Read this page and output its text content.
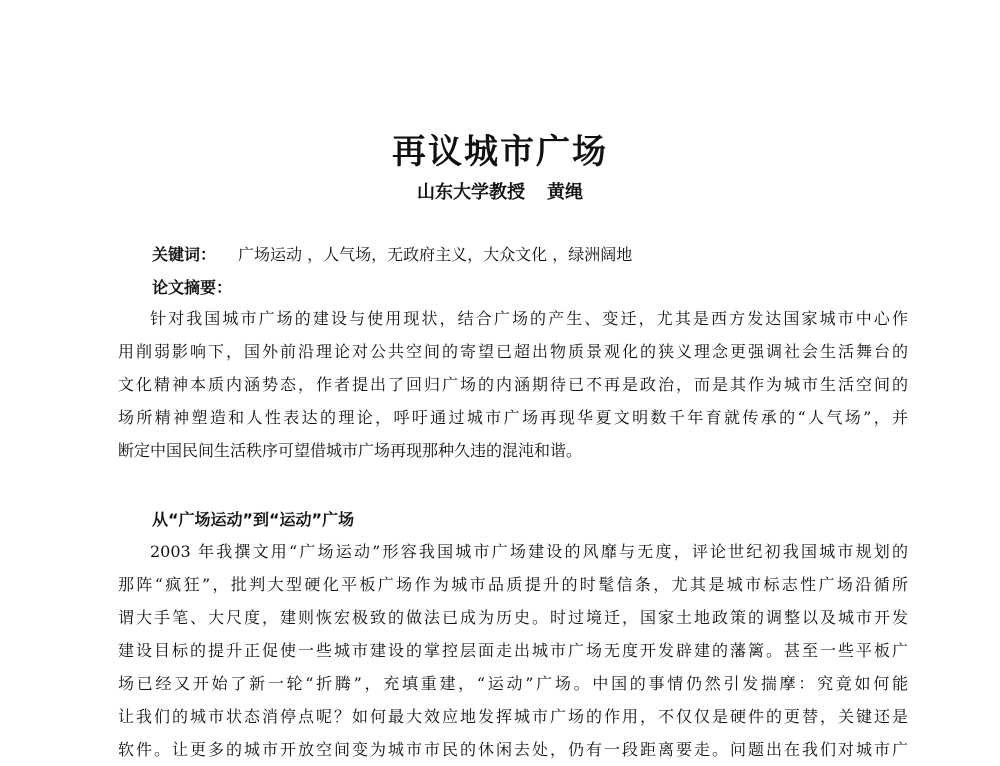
再议城市广场
山东大学教授 黄绳
关键词： 广场运动 ，人气场，无政府主义，大众文化 ，绿洲阔地
论文摘要：
针对我国城市广场的建设与使用现状，结合广场的产生、变迁，尤其是西方发达国家城市中心作
用削弱影响下，国外前沿理论对公共空间的寄望已超出物质景观化的狭义理念更强调社会生活舞台的
文化精神本质内涵势态，作者提出了回归广场的内涵期待已不再是政治，而是其作为城市生活空间的
场所精神塑造和人性表达的理论，呼吁通过城市广场再现华夏文明数千年育就传承的“人气场”，并
断定中国民间生活秩序可望借城市广场再现那种久违的混沌和谐。
从“广场运动”到“运动”广场
2003 年我撰文用“广场运动”形容我国城市广场建设的风靡与无度，评论世纪初我国城市规划的
那阵“疯狂”，批判大型硬化平板广场作为城市品质提升的时髦信条，尤其是城市标志性广场沿循所
谓大手笔、大尺度，建则恢宏极致的做法已成为历史。时过境迁，国家土地政策的调整以及城市开发
建设目标的提升正促使一些城市建设的掌控层面走出城市广场无度开发辟建的藩篱。甚至一些平板广
场已经又开始了新一轮“折腾”，充填重建，“运动”广场。中国的事情仍然引发揣摩：究竟如何能
让我们的城市状态消停点呢？如何最大效应地发挥城市广场的作用，不仅仅是硬件的更替，关键还是
软件。让更多的城市开放空间变为城市市民的休闲去处，仍有一段距离要走。问题出在我们对城市广
